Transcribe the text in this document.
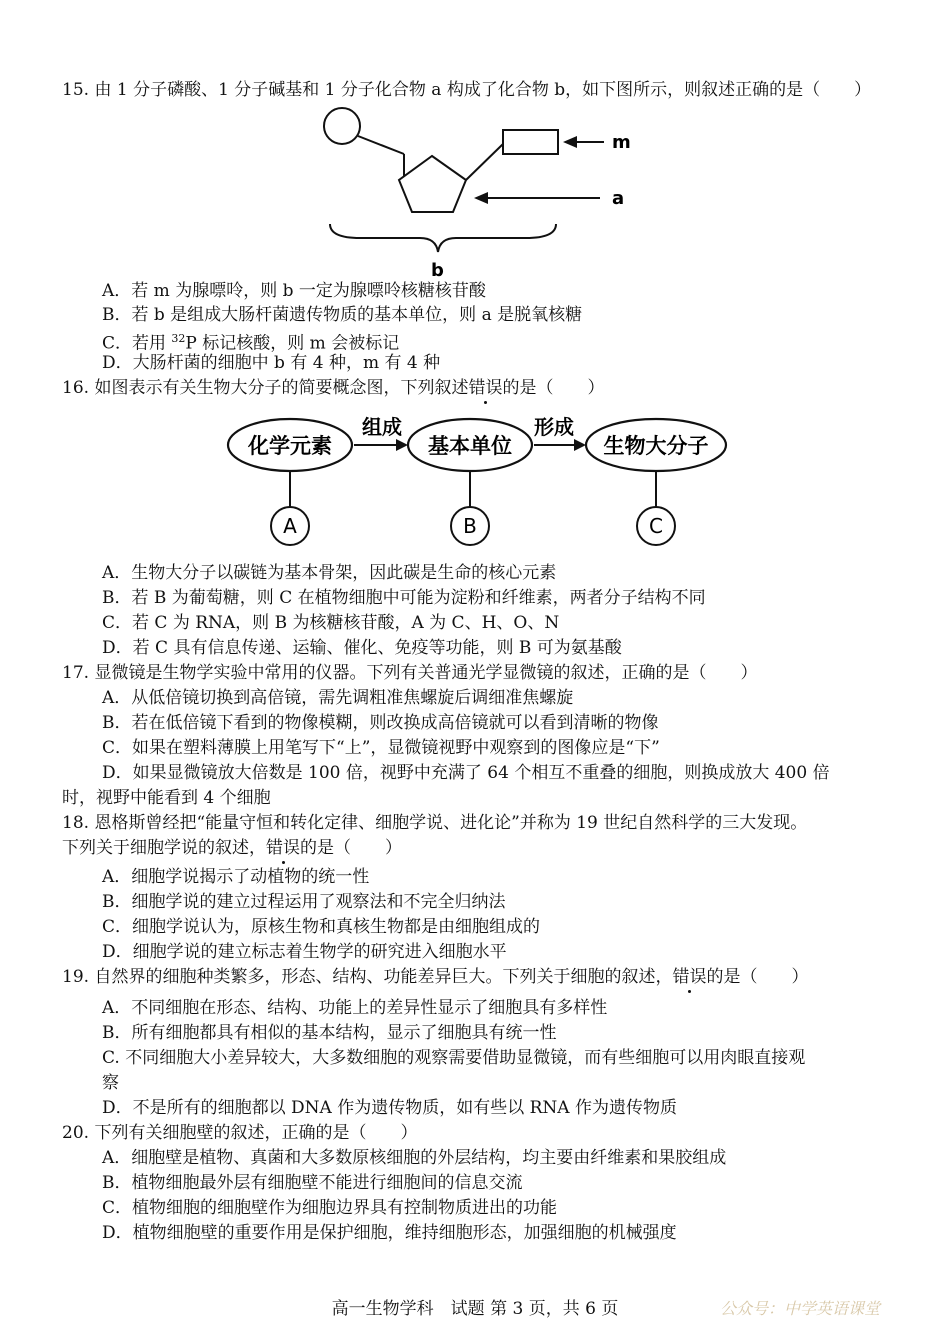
15. 由 1 分子磷酸、1 分子碱基和 1 分子化合物 a 构成了化合物 b，如下图所示，则叙述正确的是（　　）
m
a
b
A．若 m 为腺嘌呤，则 b 一定为腺嘌呤核糖核苷酸
B．若 b 是组成大肠杆菌遗传物质的基本单位，则 a 是脱氧核糖
C．若用 $^{32}$P 标记核酸，则 m 会被标记
D．大肠杆菌的细胞中 b 有 4 种，m 有 4 种
16. 如图表示有关生物大分子的简要概念图，下列叙述错误的是（　　）
化学元素	基本单位	生物大分子
组成	形成
A	B	C
A．生物大分子以碳链为基本骨架，因此碳是生命的核心元素
B．若 B 为葡萄糖，则 C 在植物细胞中可能为淀粉和纤维素，两者分子结构不同
C．若 C 为 RNA，则 B 为核糖核苷酸，A 为 C、H、O、N
D．若 C 具有信息传递、运输、催化、免疫等功能，则 B 可为氨基酸
17. 显微镜是生物学实验中常用的仪器。下列有关普通光学显微镜的叙述，正确的是（　　）
A．从低倍镜切换到高倍镜，需先调粗准焦螺旋后调细准焦螺旋
B．若在低倍镜下看到的物像模糊，则改换成高倍镜就可以看到清晰的物像
C．如果在塑料薄膜上用笔写下“上”，显微镜视野中观察到的图像应是“下”
D．如果显微镜放大倍数是 100 倍，视野中充满了 64 个相互不重叠的细胞，则换成放大 400 倍
时，视野中能看到 4 个细胞
18. 恩格斯曾经把“能量守恒和转化定律、细胞学说、进化论”并称为 19 世纪自然科学的三大发现。
下列关于细胞学说的叙述，错误的是（　　）
A．细胞学说揭示了动植物的统一性
B．细胞学说的建立过程运用了观察法和不完全归纳法
C．细胞学说认为，原核生物和真核生物都是由细胞组成的
D．细胞学说的建立标志着生物学的研究进入细胞水平
19. 自然界的细胞种类繁多，形态、结构、功能差异巨大。下列关于细胞的叙述，错误的是（　　）
A．不同细胞在形态、结构、功能上的差异性显示了细胞具有多样性
B．所有细胞都具有相似的基本结构，显示了细胞具有统一性
C. 不同细胞大小差异较大，大多数细胞的观察需要借助显微镜，而有些细胞可以用肉眼直接观
察
D．不是所有的细胞都以 DNA 作为遗传物质，如有些以 RNA 作为遗传物质
20. 下列有关细胞壁的叙述，正确的是（　　）
A．细胞壁是植物、真菌和大多数原核细胞的外层结构，均主要由纤维素和果胶组成
B．植物细胞最外层有细胞壁不能进行细胞间的信息交流
C．植物细胞的细胞壁作为细胞边界具有控制物质进出的功能
D．植物细胞壁的重要作用是保护细胞，维持细胞形态，加强细胞的机械强度
高一生物学科　试题 第 3 页，共 6 页	公众号：中学英语课堂
